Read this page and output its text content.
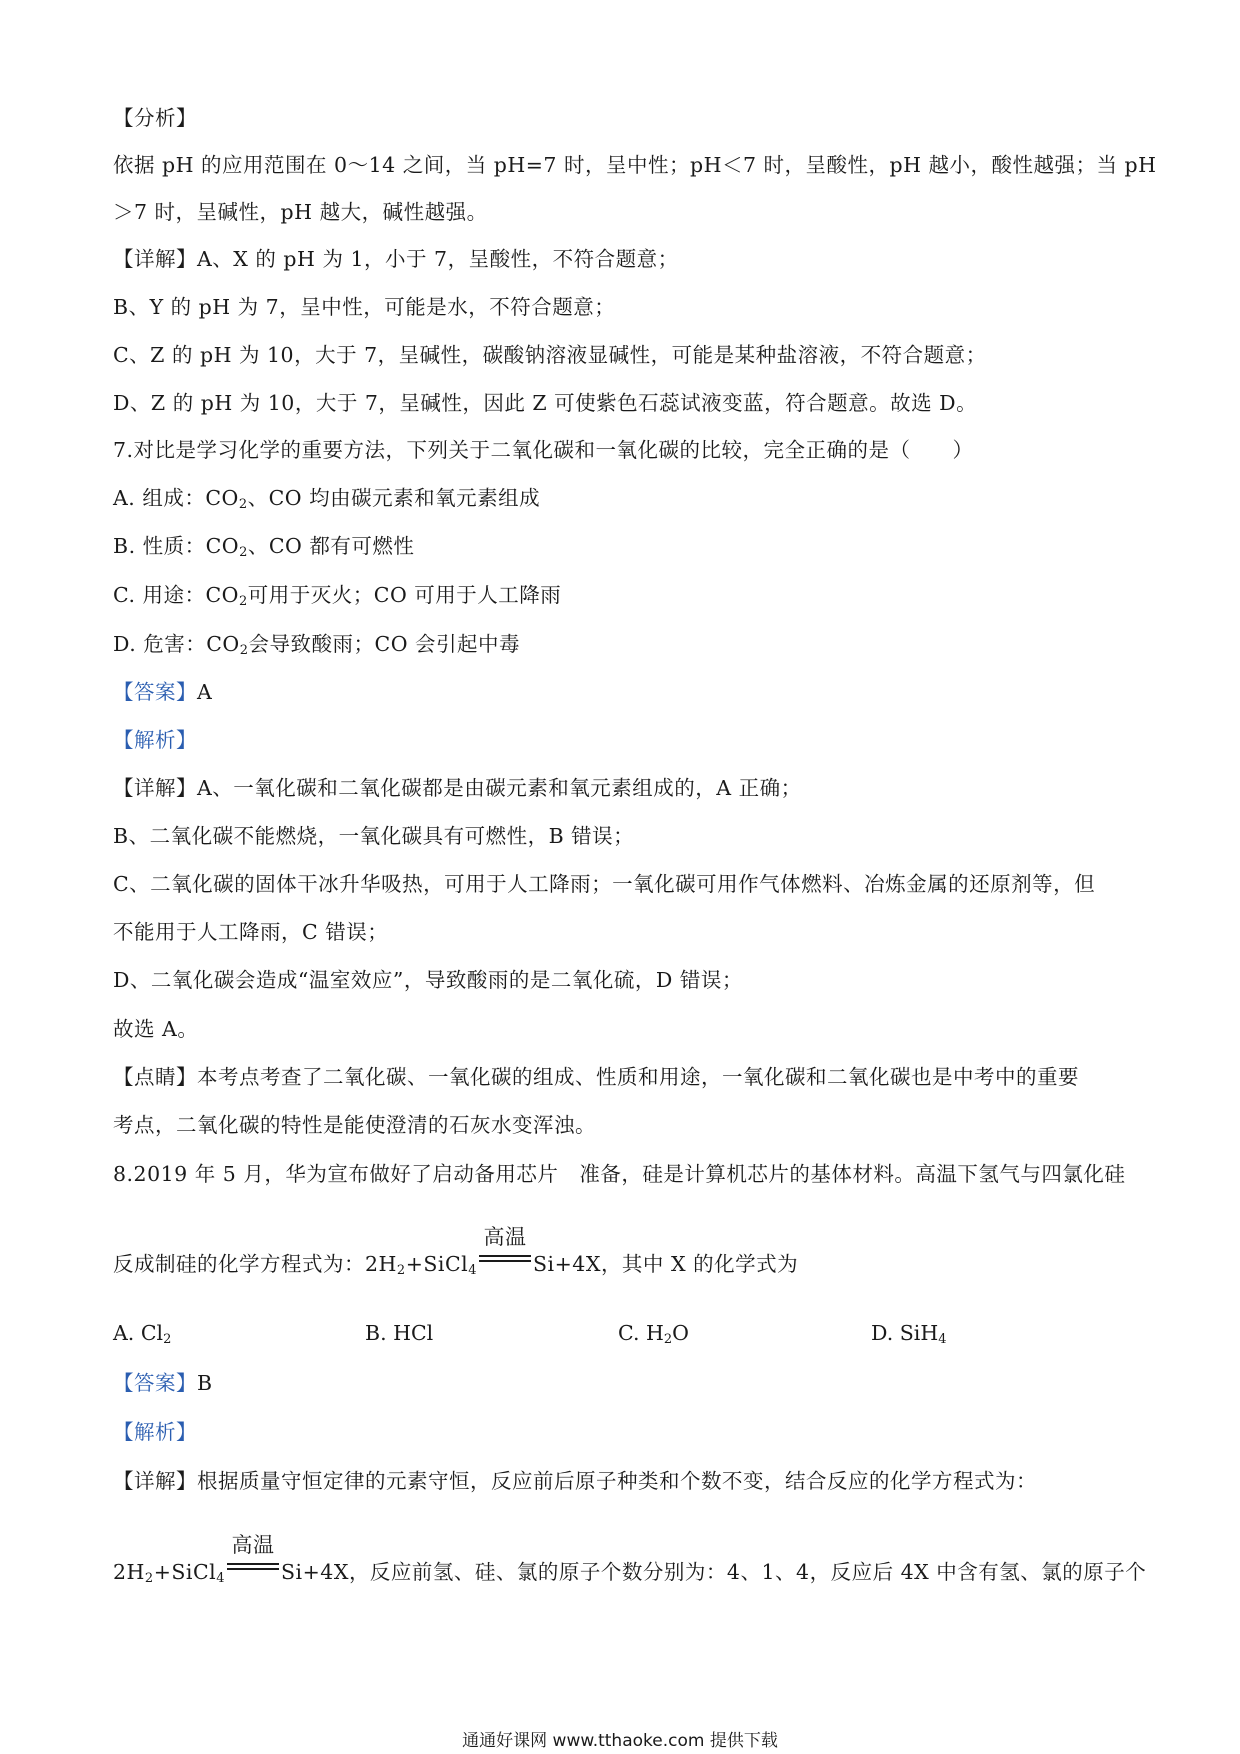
【分析】
依据 pH 的应用范围在 0～14 之间，当 pH=7 时，呈中性；pH＜7 时，呈酸性，pH 越小，酸性越强；当 pH
＞7 时，呈碱性，pH 越大，碱性越强。
【详解】A、X 的 pH 为 1，小于 7，呈酸性，不符合题意；
B、Y 的 pH 为 7，呈中性，可能是水，不符合题意；
C、Z 的 pH 为 10，大于 7，呈碱性，碳酸钠溶液显碱性，可能是某种盐溶液，不符合题意；
D、Z 的 pH 为 10，大于 7，呈碱性，因此 Z 可使紫色石蕊试液变蓝，符合题意。故选 D。
7.对比是学习化学的重要方法，下列关于二氧化碳和一氧化碳的比较，完全正确的是（　　）
A. 组成：$CO_2$、CO 均由碳元素和氧元素组成
B. 性质：$CO_2$、CO 都有可燃性
C. 用途：$CO_2$可用于灭火；CO 可用于人工降雨
D. 危害：$CO_2$会导致酸雨；CO 会引起中毒
【答案】A
【解析】
【详解】A、一氧化碳和二氧化碳都是由碳元素和氧元素组成的，A 正确；
B、二氧化碳不能燃烧，一氧化碳具有可燃性，B 错误；
C、二氧化碳的固体干冰升华吸热，可用于人工降雨；一氧化碳可用作气体燃料、冶炼金属的还原剂等，但
不能用于人工降雨，C 错误；
D、二氧化碳会造成“温室效应”，导致酸雨的是二氧化硫，D 错误；
故选 A。
【点睛】本考点考查了二氧化碳、一氧化碳的组成、性质和用途，一氧化碳和二氧化碳也是中考中的重要
考点，二氧化碳的特性是能使澄清的石灰水变浑浊。
8.2019 年 5 月，华为宣布做好了启动备用芯片　准备，硅是计算机芯片的基体材料。高温下氢气与四氯化硅
反成制硅的化学方程式为：$2H_2+SiCl_4$
高温
Si+4X，其中 X 的化学式为
A. $Cl_2$	B. HCl	C. $H_2O$	D. SiH$_4$
【答案】B
【解析】
【详解】根据质量守恒定律的元素守恒，反应前后原子种类和个数不变，结合反应的化学方程式为：
$2H_2+SiCl_4$
高温
Si+4X，反应前氢、硅、氯的原子个数分别为：4、1、4，反应后 4X 中含有氢、氯的原子个
通通好课网 www.tthaoke.com 提供下载
